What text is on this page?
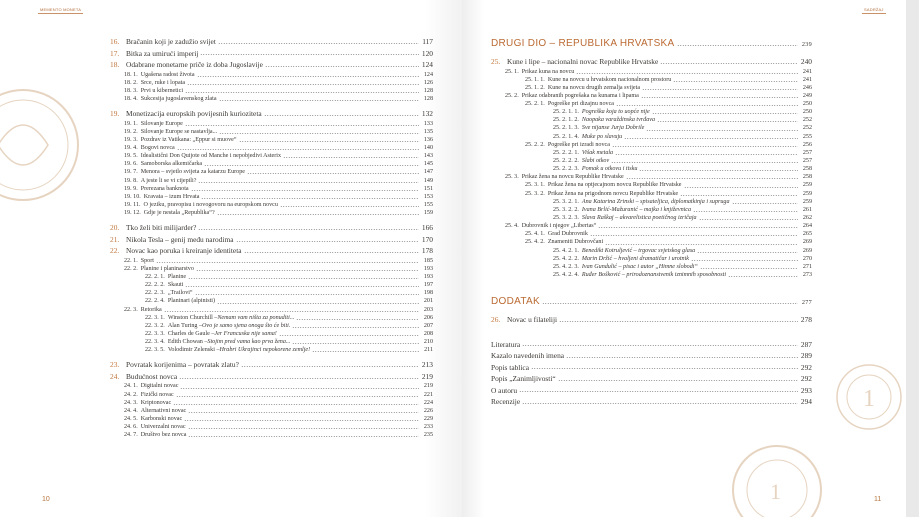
MEMENTO MONETA
16. Bračanin koji je zadužio svijet	117
17. Bitka za umirući imperij	120
18. Odabrane monetarne priče iz doba Jugoslavije	124
18. 1. Ugašena radost života	124
18. 2. Srce, ruke i lopata	126
18. 3. Prvi u kibernetici	128
18. 4. Sukcesija jugoslavenskog zlata	128
19. Monetizacija europskih povijesnih kurioziteta	132
19. 1. Silovanje Europe	133
19. 2. Silovanje Europe se nastavlja...	135
19. 3. Pozdrav iz Vatikana: „Eppur si muove“	136
19. 4. Bogovi novca	140
19. 5. Idealistični Don Quijote od Manche i nepobjedivi Asterix	143
19. 6. Samoborska alkemičarka	145
19. 7. Menora – svjetlo svijeta za katarzu Europe	147
19. 8. A jeste li se vi cijepili?	149
19. 9. Prerezana banknota	151
19. 10. Kravata – izum Hrvata	153
19. 11. O jeziku, pravopisu i novogovoru na europskom novcu	155
19. 12. Gdje je nestala „Republika“?	159
20. Tko želi biti milijarder?	166
21. Nikola Tesla – genij među narodima	170
22. Novac kao poruka i kreiranje identiteta	178
22. 1. Sport	185
22. 2. Planine i planinarstvo	193
22. 2. 1. Planine	193
22. 2. 2. Skauti	197
22. 2. 3. „Trailovi“	198
22. 2. 4. Planinari (alpinisti)	201
22. 3. Retorika	203
22. 3. 1. Winston Churchill – Nemam vam ništa za ponuditi...	206
22. 3. 2. Alan Turing – Ovo je samo sjena onoga što će biti.	207
22. 3. 3. Charles de Gaule – Jer Francuska nije sama!	208
22. 3. 4. Edith Chowan – Stojim pred vama kao prva žena...	210
22. 3. 5. Volodimir Zelenski – Hrabri Ukrajinci nepokorene zemlje!	211
23. Povratak korijenima – povratak zlatu?	213
24. Budućnost novca	219
24. 1. Digitalni novac	219
24. 2. Fizički novac	221
24. 3. Kriptonovac	224
24. 4. Alternativni novac	226
24. 5. Karbonski novac	229
24. 6. Univerzalni novac	233
24. 7. Društvo bez novca	235
10
SADRŽAJ
1
1
DRUGI DIO – REPUBLIKA HRVATSKA	239
25. Kune i lipe – nacionalni novac Republike Hrvatske	240
25. 1. Prikaz kuna na novcu	241
25. 1. 1. Kune na novcu u hrvatskom nacionalnom prostoru	241
25. 1. 2. Kune na novcu drugih zemalja svijeta	246
25. 2. Prikaz odabranih pogrešaka na kunama i lipama	249
25. 2. 1. Pogreške pri dizajnu novca	250
25. 2. 1. 1. Pogreška koja to uopće nije	250
25. 2. 1. 2. Naopaka varaždinska tvrđava	252
25. 2. 1. 3. Sve nijanse Jurja Dobrile	252
25. 2. 1. 4. Muke po slavuju	255
25. 2. 2. Pogreške pri izradi novca	256
25. 2. 2. 1. Višak metala	257
25. 2. 2. 2. Slabi otkov	257
25. 2. 2. 3. Pomak u otkovu i tisku	258
25. 3. Prikaz žena na novcu Republike Hrvatske	258
25. 3. 1. Prikaz žena na optjecajnom novcu Republike Hrvatske	259
25. 3. 2. Prikaz žena na prigodnom novcu Republike Hrvatske	259
25. 3. 2. 1. Ana Katarina Zrinski – spisateljica, diplomatkinja i supruga	259
25. 3. 2. 2. Ivana Brlić-Mažuranić – majka i književnica	261
25. 3. 2. 3. Slava Raškaj – akvarelistica poetičnog izričaja	262
25. 4. Dubrovnik i njegov „Libertas“	264
25. 4. 1. Grad Dubrovnik	265
25. 4. 2. Znameniti Dubrovčani	269
25. 4. 2. 1. Benedikt Kotruljević – trgovac svjetskog glasa	269
25. 4. 2. 2. Marin Držić – hvaljeni dramatičar i urotnik	270
25. 4. 2. 3. Ivan Gundulić – pisac i autor „Himne slobodi“	271
25. 4. 2. 4. Ruđer Bošković – prirodoznanstvenik iznimnih sposobnosti	273
DODATAK	277
26. Novac u filateliji	278
Literatura	287
Kazalo navedenih imena	289
Popis tablica	292
Popis „Zanimljivosti“	292
O autoru	293
Recenzije	294
11
